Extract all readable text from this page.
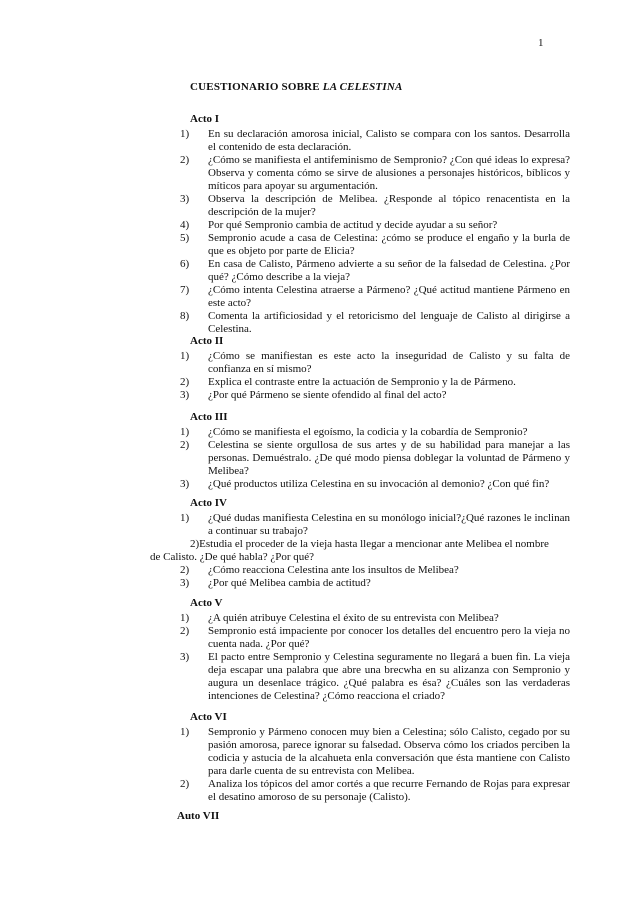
1
CUESTIONARIO SOBRE LA CELESTINA
Acto I
1)	En su declaración amorosa inicial, Calisto se compara con los santos. Desarrolla el contenido de esta declaración.
2)	¿Cómo se manifiesta el antifeminismo de Sempronio? ¿Con qué ideas lo expresa? Observa y comenta cómo se sirve de alusiones a personajes históricos, bíblicos y míticos para apoyar su argumentación.
3)	Observa la descripción de Melibea. ¿Responde al tópico renacentista en la descripción de la mujer?
4)	Por qué Sempronio cambia de actitud y decide ayudar a su señor?
5)	Sempronio acude a casa de Celestina: ¿cómo se produce el engaño y la burla de que es objeto por parte de Elicia?
6)	En casa de Calisto, Pármeno advierte a su señor de la falsedad de Celestina. ¿Por qué? ¿Cómo describe a la vieja?
7)	¿Cómo intenta Celestina atraerse a Pármeno? ¿Qué actitud mantiene Pármeno en este acto?
8)	Comenta la artificiosidad y el retoricismo del lenguaje de Calisto al dirigirse a Celestina.
Acto II
1)	¿Cómo se manifiestan es este acto la inseguridad de Calisto y su falta de confianza en sí mismo?
2)	Explica el contraste entre la actuación de Sempronio y la de Pármeno.
3)	¿Por qué Pármeno se siente ofendido al final del acto?
Acto III
1)	¿Cómo se manifiesta el egoísmo, la codicia y la cobardía de Sempronio?
2)	Celestina se siente orgullosa de sus artes y de su habilidad para manejar a las personas. Demuéstralo. ¿De qué modo piensa doblegar la voluntad de Pármeno y Melibea?
3)	¿Qué productos utiliza Celestina en su invocación al demonio? ¿Con qué fin?
Acto IV
1)	¿Qué dudas manifiesta Celestina en su monólogo inicial?¿Qué razones le inclinan a continuar su trabajo?
2)Estudia el proceder de la vieja hasta llegar a mencionar ante Melibea el nombre
de Calisto. ¿De qué habla? ¿Por qué?
2)	¿Cómo reacciona Celestina ante los insultos de Melibea?
3)	¿Por qué Melibea cambia de actitud?
Acto V
1)	¿A quién atribuye Celestina el éxito de su entrevista con Melibea?
2)	Sempronio está impaciente por conocer los detalles del encuentro pero la vieja no cuenta nada. ¿Por qué?
3)	El pacto entre Sempronio y Celestina seguramente no llegará a buen fin. La vieja deja escapar una palabra que abre una brecwha en su alizanza con Sempronio y augura un desenlace trágico. ¿Qué palabra es ésa? ¿Cuáles son las verdaderas intenciones de Celestina? ¿Cómo reacciona el criado?
Acto VI
1)	Sempronio y Pármeno conocen muy bien a Celestina; sólo Calisto, cegado por su pasión amorosa, parece ignorar su falsedad. Observa cómo los criados perciben la codicia y astucia de la alcahueta enla conversación que ésta mantiene con Calisto para darle cuenta de su entrevista con Melibea.
2)	Analiza los tópicos del amor cortés a que recurre Fernando de Rojas para expresar el desatino amoroso de su personaje (Calisto).
Auto VII
